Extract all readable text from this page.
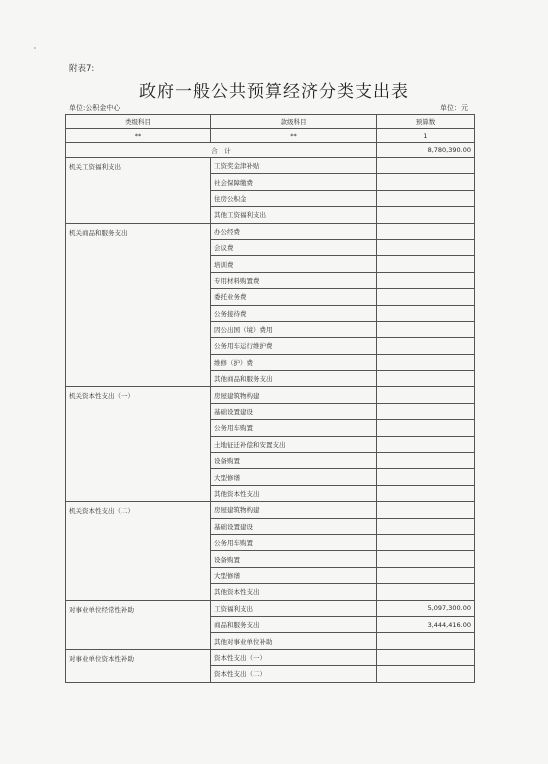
附表7:
政府一般公共预算经济分类支出表
单位:公积金中心	单位：元
类级科目	款级科目	预算数
**	**	1
合　计		8,780,390.00
机关工资福利支出	工资奖金津补贴	
	社会保障缴费	
	住房公积金	
	其他工资福利支出	
机关商品和服务支出	办公经费	
	会议费	
	培训费	
	专用材料购置费	
	委托业务费	
	公务接待费	
	因公出国（境）费用	
	公务用车运行维护费	
	维修（护）费	
	其他商品和服务支出	
机关资本性支出（一）	房屋建筑物构建	
	基础设置建设	
	公务用车购置	
	土地征迁补偿和安置支出	
	设备购置	
	大型修缮	
	其他资本性支出	
机关资本性支出（二）	房屋建筑物构建	
	基础设置建设	
	公务用车购置	
	设备购置	
	大型修缮	
	其他资本性支出	
对事业单位经常性补助	工资福利支出	5,097,300.00
	商品和服务支出	3,444,416.00
	其他对事业单位补助	
对事业单位资本性补助	资本性支出（一）	
	资本性支出（二）	
